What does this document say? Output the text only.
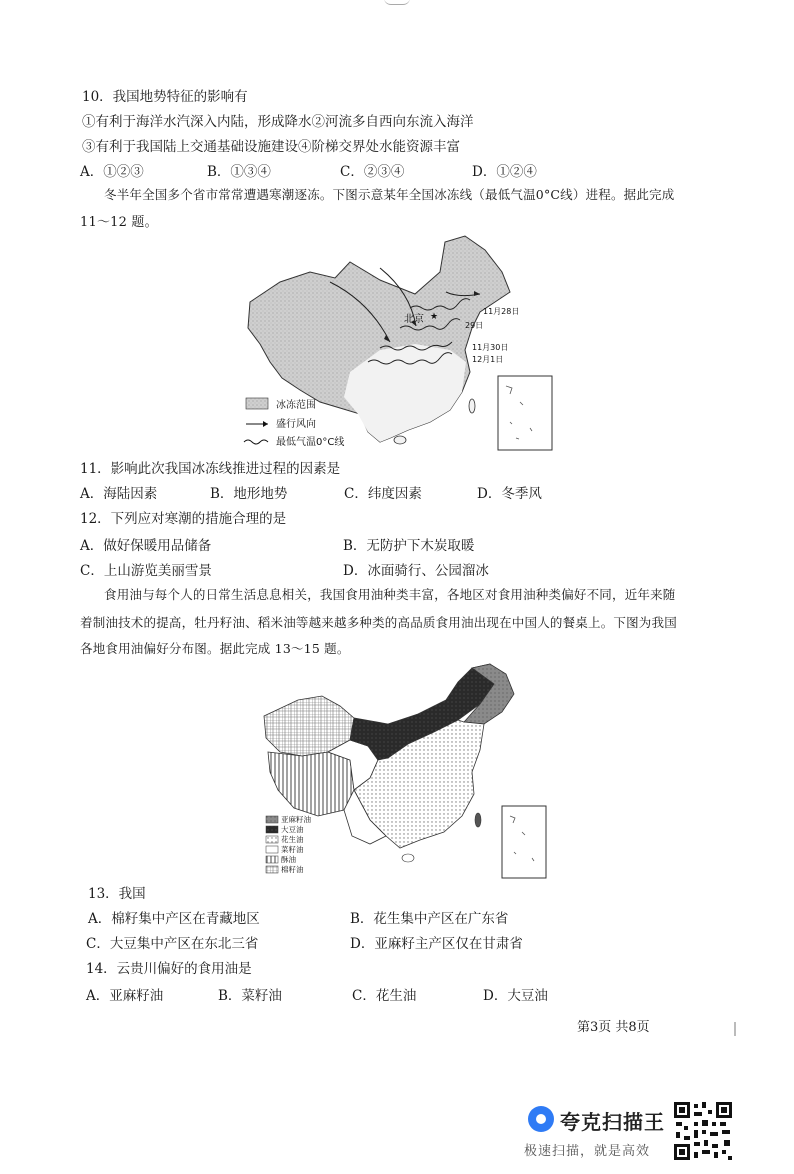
10．我国地势特征的影响有
①有利于海洋水汽深入内陆，形成降水②河流多自西向东流入海洋
③有利于我国陆上交通基础设施建设④阶梯交界处水能资源丰富
A．①②③	B．①③④	C．②③④	D．①②④
冬半年全国多个省市常常遭遇寒潮逐冻。下图示意某年全国冰冻线（最低气温0°C线）进程。据此完成
11～12 题。
★
北京
11月28日
29日
11月30日
12月1日
冰冻范围
盛行风向
最低气温0°C线
11．影响此次我国冰冻线推进过程的因素是
A．海陆因素	B．地形地势	C．纬度因素	D．冬季风
12．下列应对寒潮的措施合理的是
A．做好保暖用品储备	B．无防护下木炭取暖
C．上山游览美丽雪景	D．冰面骑行、公园溜冰
食用油与每个人的日常生活息息相关，我国食用油种类丰富，各地区对食用油种类偏好不同，近年来随
着制油技术的提高，牡丹籽油、稻米油等越来越多种类的高品质食用油出现在中国人的餐桌上。下图为我国
各地食用油偏好分布图。据此完成 13～15 题。
亚麻籽油
大豆油
花生油
菜籽油
酥油
棉籽油
13．我国
A．棉籽集中产区在青藏地区	B．花生集中产区在广东省
C．大豆集中产区在东北三省	D．亚麻籽主产区仅在甘肃省
14．云贵川偏好的食用油是
A．亚麻籽油	B．菜籽油	C．花生油	D．大豆油
第3页 共8页
夸克扫描王
极速扫描，就是高效
